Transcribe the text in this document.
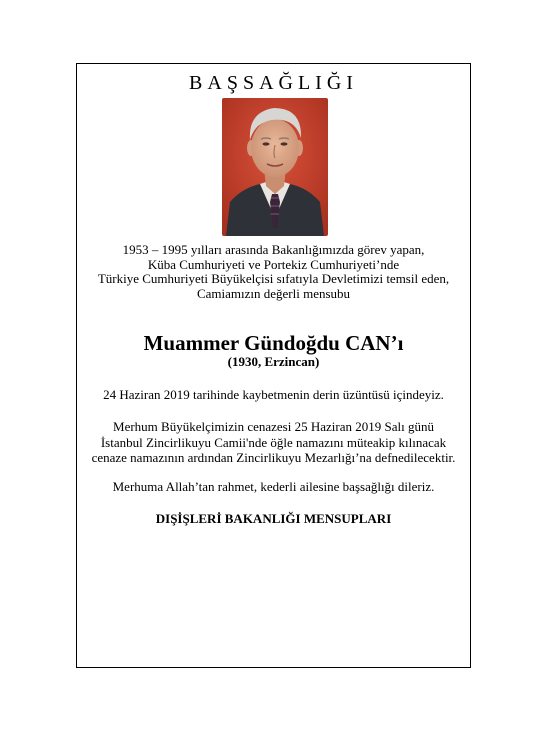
BAŞSAĞLIĞI
1953 – 1995 yılları arasında Bakanlığımızda görev yapan,
Küba Cumhuriyeti ve Portekiz Cumhuriyeti’nde
Türkiye Cumhuriyeti Büyükelçisi sıfatıyla Devletimizi temsil eden,
Camiamızın değerli mensubu
Muammer Gündoğdu CAN’ı
(1930, Erzincan)
24 Haziran 2019 tarihinde kaybetmenin derin üzüntüsü içindeyiz.
Merhum Büyükelçimizin cenazesi 25 Haziran 2019 Salı günü
İstanbul Zincirlikuyu Camii'nde öğle namazını müteakip kılınacak
cenaze namazının ardından Zincirlikuyu Mezarlığı’na defnedilecektir.
Merhuma Allah’tan rahmet, kederli ailesine başsağlığı dileriz.
DIŞİŞLERİ BAKANLIĞI MENSUPLARI
